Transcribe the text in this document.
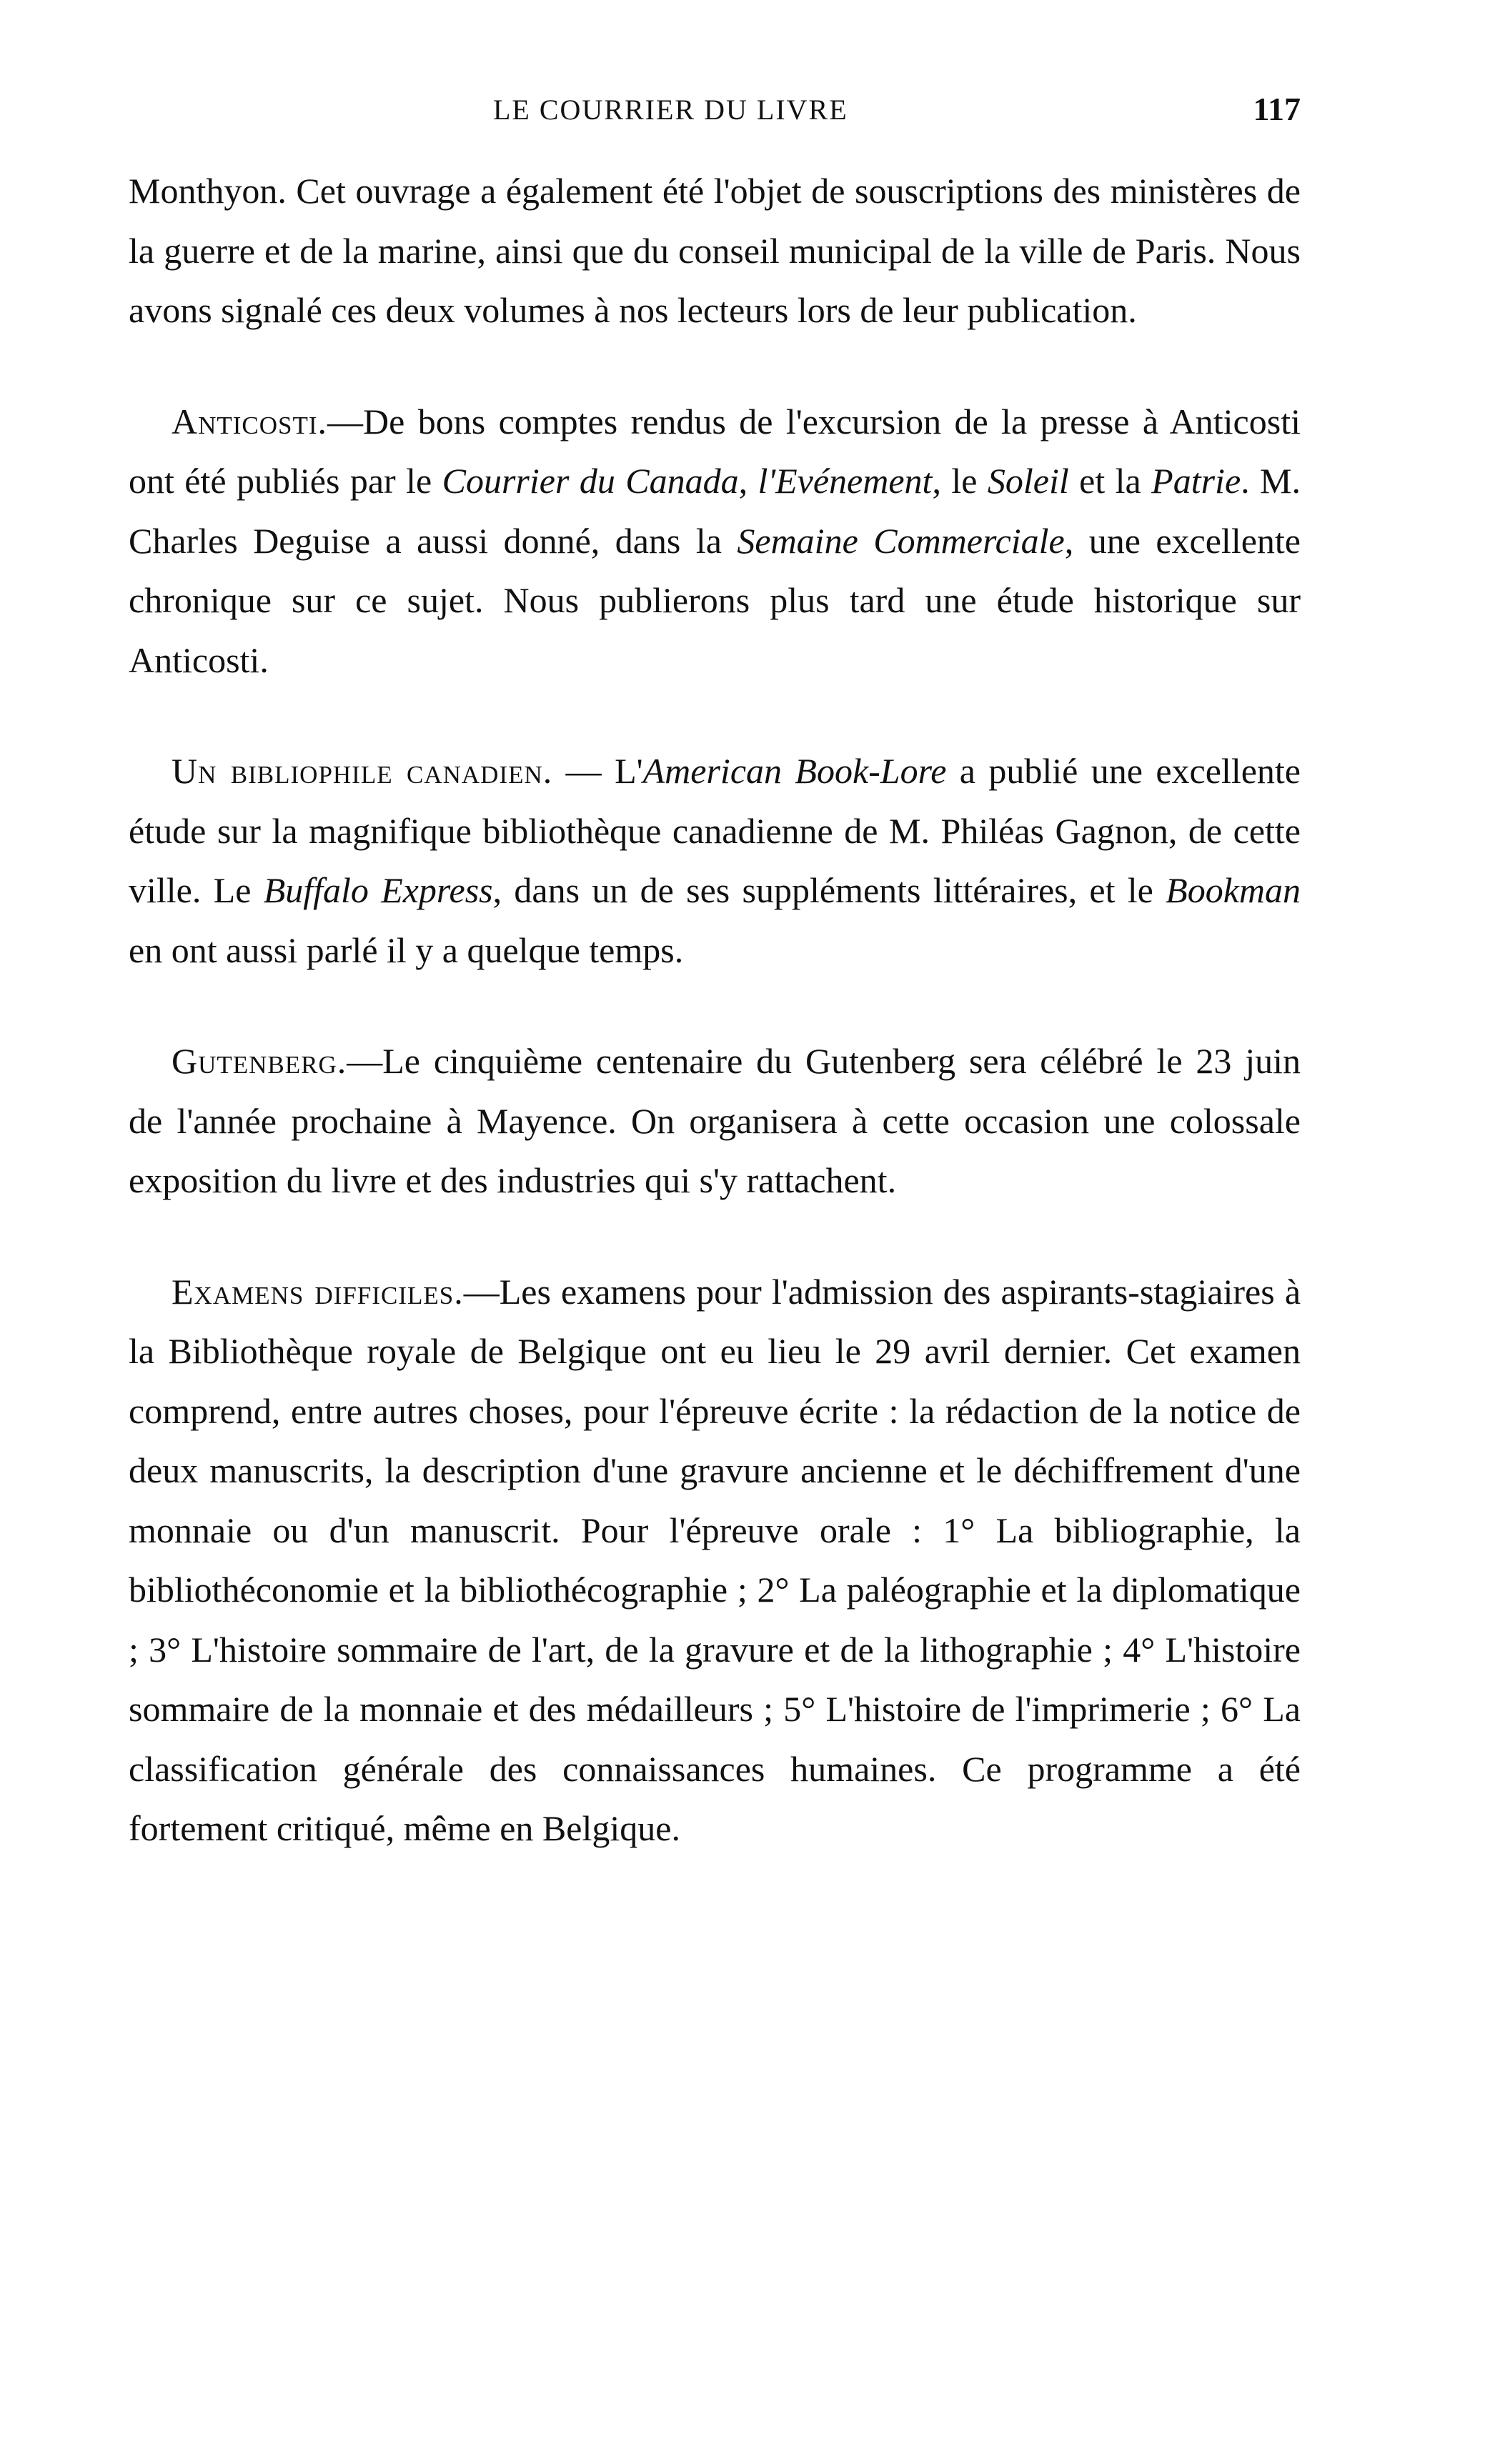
LE COURRIER DU LIVRE	117

Monthyon. Cet ouvrage a également été l'objet de souscriptions des ministères de la guerre et de la marine, ainsi que du conseil municipal de la ville de Paris. Nous avons signalé ces deux volumes à nos lecteurs lors de leur publication.

Anticosti.—De bons comptes rendus de l'excursion de la presse à Anticosti ont été publiés par le Courrier du Canada, l'Evénement, le Soleil et la Patrie. M. Charles Deguise a aussi donné, dans la Semaine Commerciale, une excellente chronique sur ce sujet. Nous publierons plus tard une étude historique sur Anticosti.

Un bibliophile canadien. — L'American Book-Lore a publié une excellente étude sur la magnifique bibliothèque canadienne de M. Philéas Gagnon, de cette ville. Le Buffalo Express, dans un de ses suppléments littéraires, et le Bookman en ont aussi parlé il y a quelque temps.

Gutenberg.—Le cinquième centenaire du Gutenberg sera célébré le 23 juin de l'année prochaine à Mayence. On organisera à cette occasion une colossale exposition du livre et des industries qui s'y rattachent.

Examens difficiles.—Les examens pour l'admission des aspirants-stagiaires à la Bibliothèque royale de Belgique ont eu lieu le 29 avril dernier. Cet examen comprend, entre autres choses, pour l'épreuve écrite : la rédaction de la notice de deux manuscrits, la description d'une gravure ancienne et le déchiffrement d'une monnaie ou d'un manuscrit. Pour l'épreuve orale : 1° La bibliographie, la bibliothéconomie et la bibliothécographie ; 2° La paléographie et la diplomatique ; 3° L'histoire sommaire de l'art, de la gravure et de la lithographie ; 4° L'histoire sommaire de la monnaie et des médailleurs ; 5° L'histoire de l'imprimerie ; 6° La classification générale des connaissances humaines. Ce programme a été fortement critiqué, même en Belgique.
